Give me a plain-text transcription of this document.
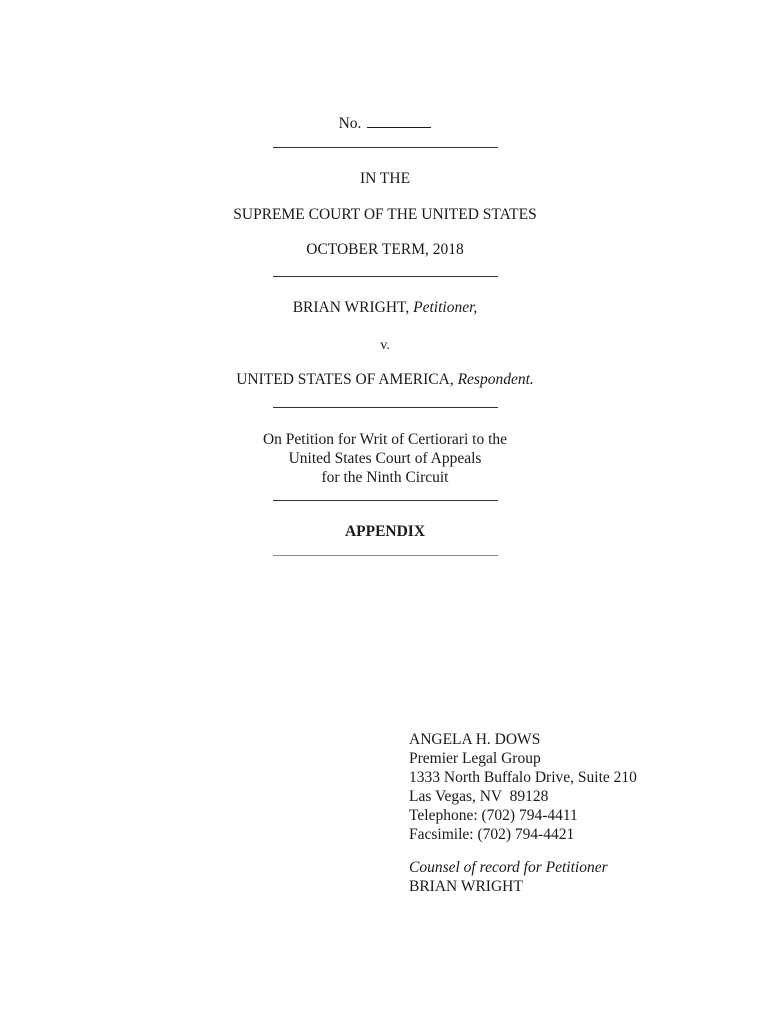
No.
IN THE
SUPREME COURT OF THE UNITED STATES
OCTOBER TERM, 2018
BRIAN WRIGHT, Petitioner,
v.
UNITED STATES OF AMERICA, Respondent.
On Petition for Writ of Certiorari to the
United States Court of Appeals
for the Ninth Circuit
APPENDIX
ANGELA H. DOWS
Premier Legal Group
1333 North Buffalo Drive, Suite 210
Las Vegas, NV  89128
Telephone: (702) 794-4411
Facsimile: (702) 794-4421
Counsel of record for Petitioner
BRIAN WRIGHT
